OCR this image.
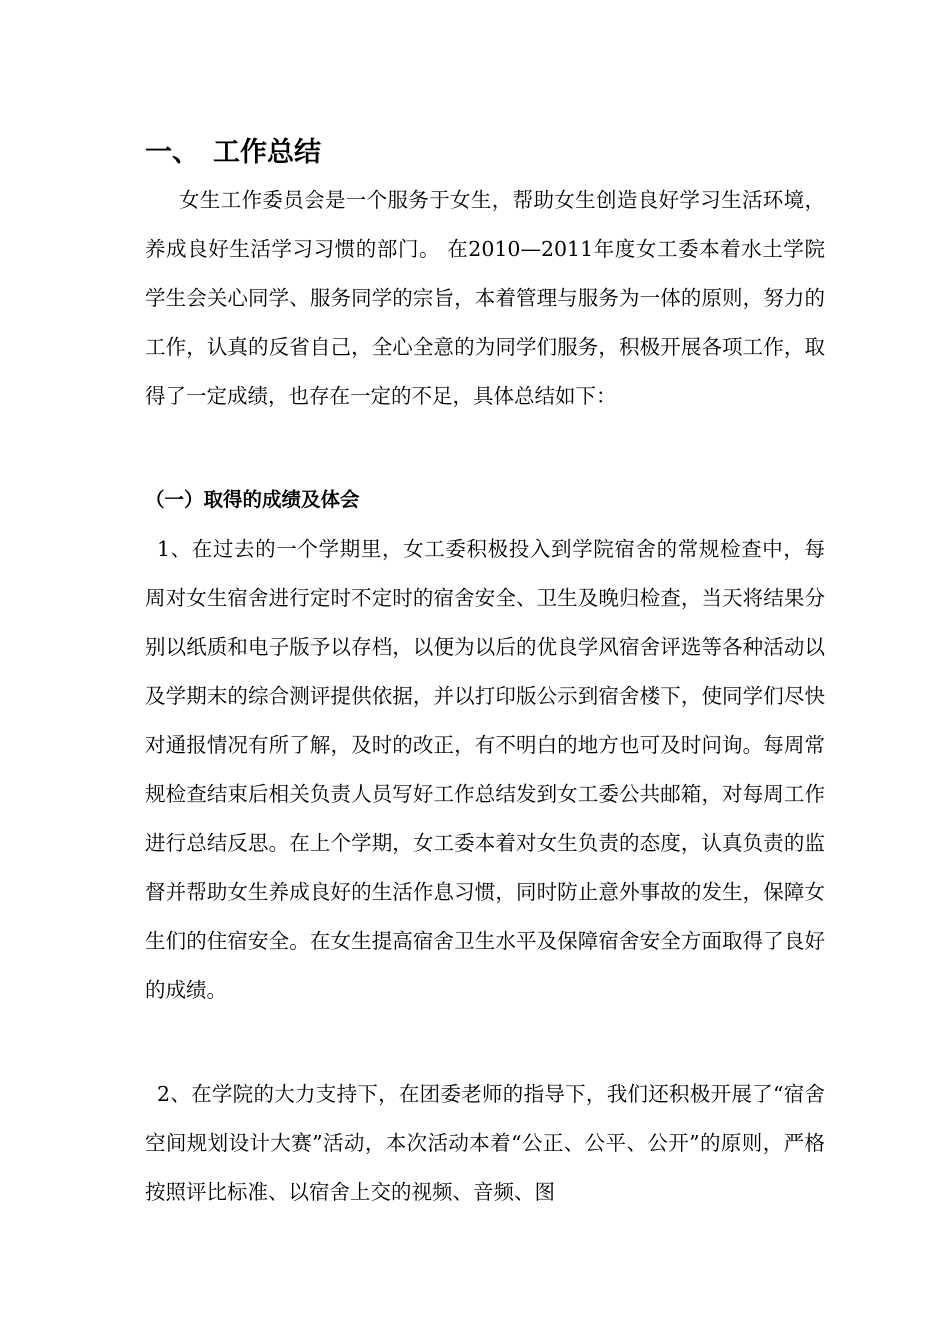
一、 工作总结

女生工作委员会是一个服务于女生，帮助女生创造良好学习生活环境，养成良好生活学习习惯的部门。 在2010—2011年度女工委本着水土学院学生会关心同学、服务同学的宗旨，本着管理与服务为一体的原则，努力的工作，认真的反省自己，全心全意的为同学们服务，积极开展各项工作，取得了一定成绩，也存在一定的不足，具体总结如下：

（一）取得的成绩及体会

1、在过去的一个学期里，女工委积极投入到学院宿舍的常规检查中，每周对女生宿舍进行定时不定时的宿舍安全、卫生及晚归检查，当天将结果分别以纸质和电子版予以存档，以便为以后的优良学风宿舍评选等各种活动以及学期末的综合测评提供依据，并以打印版公示到宿舍楼下，使同学们尽快对通报情况有所了解，及时的改正，有不明白的地方也可及时问询。每周常规检查结束后相关负责人员写好工作总结发到女工委公共邮箱，对每周工作进行总结反思。在上个学期，女工委本着对女生负责的态度，认真负责的监督并帮助女生养成良好的生活作息习惯，同时防止意外事故的发生，保障女生们的住宿安全。在女生提高宿舍卫生水平及保障宿舍安全方面取得了良好的成绩。

2、在学院的大力支持下，在团委老师的指导下，我们还积极开展了“宿舍空间规划设计大赛”活动，本次活动本着“公正、公平、公开”的原则，严格按照评比标准、以宿舍上交的视频、音频、图
